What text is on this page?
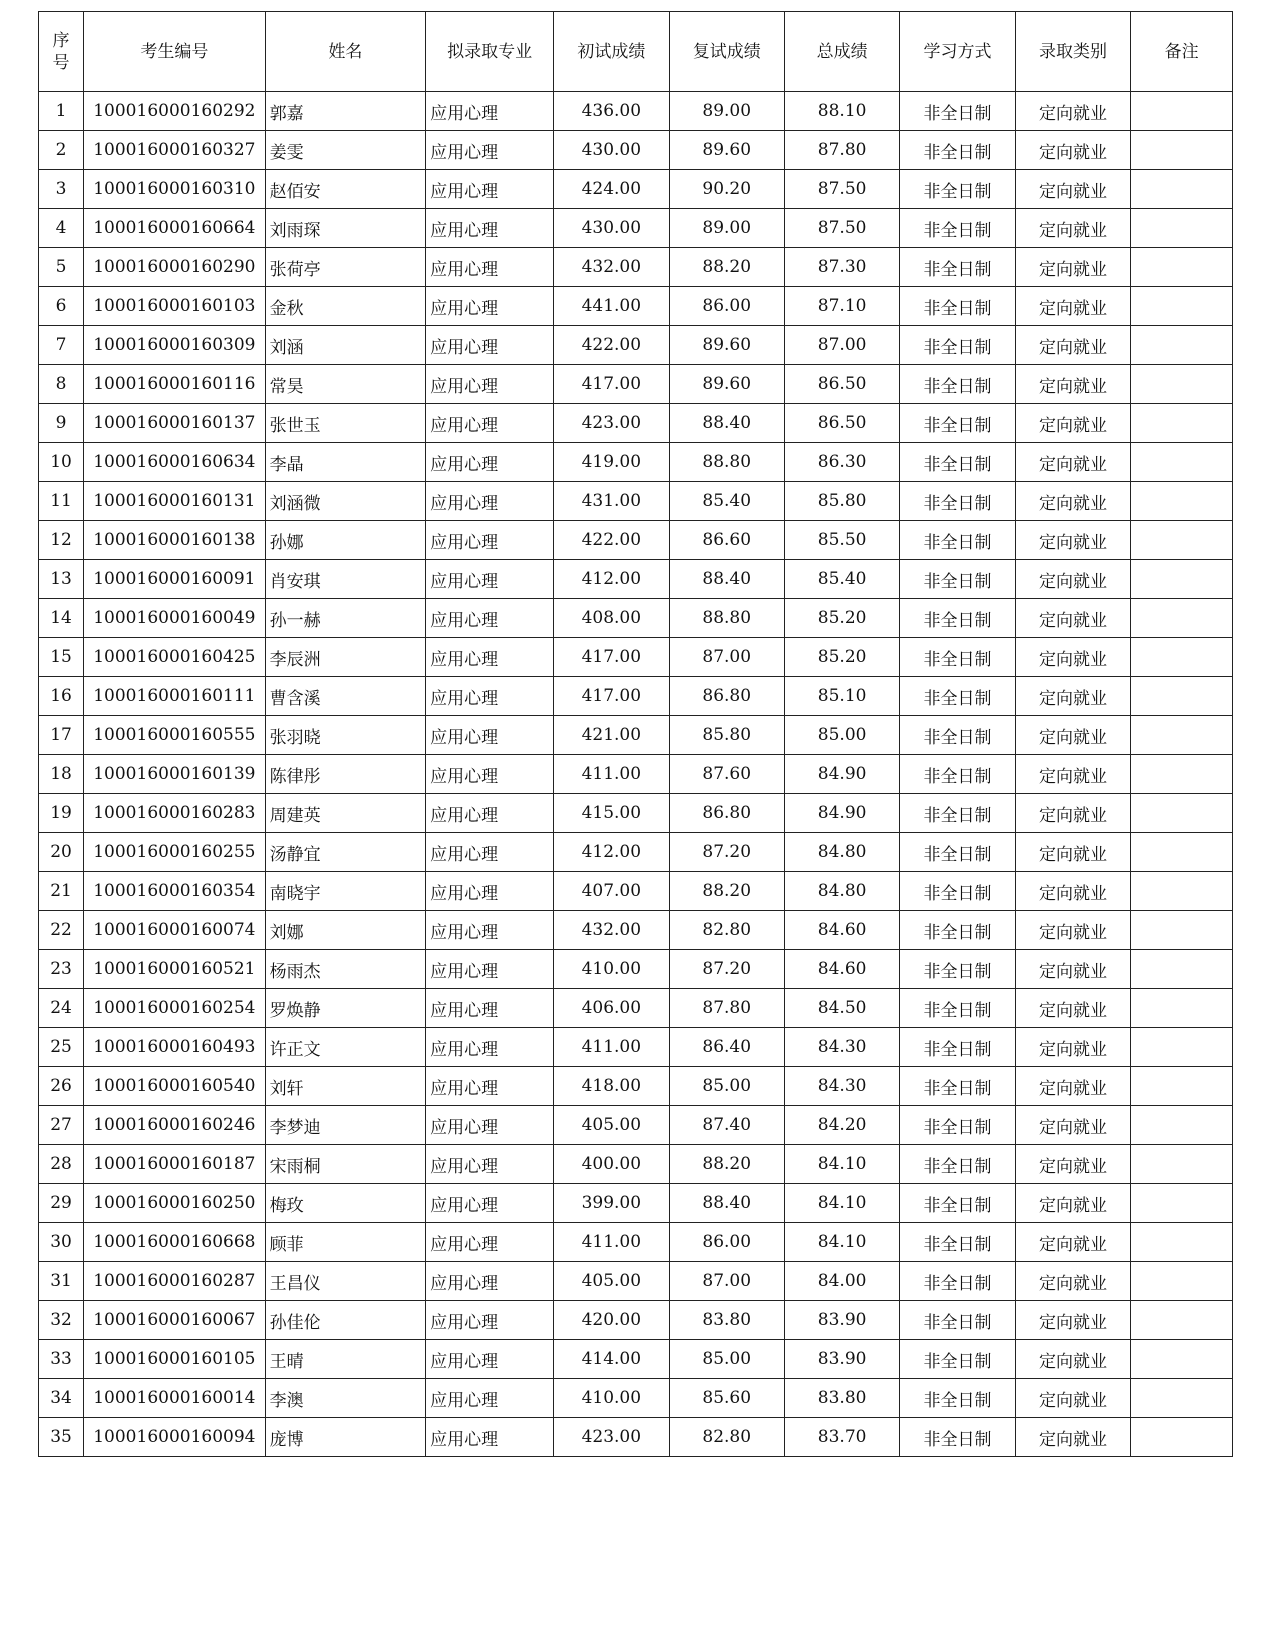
序
号	考生编号	姓名	拟录取专业	初试成绩	复试成绩	总成绩	学习方式	录取类别	备注
1	100016000160292	郭嘉	应用心理	436.00	89.00	88.10	非全日制	定向就业	
2	100016000160327	姜雯	应用心理	430.00	89.60	87.80	非全日制	定向就业	
3	100016000160310	赵佰安	应用心理	424.00	90.20	87.50	非全日制	定向就业	
4	100016000160664	刘雨琛	应用心理	430.00	89.00	87.50	非全日制	定向就业	
5	100016000160290	张荷亭	应用心理	432.00	88.20	87.30	非全日制	定向就业	
6	100016000160103	金秋	应用心理	441.00	86.00	87.10	非全日制	定向就业	
7	100016000160309	刘涵	应用心理	422.00	89.60	87.00	非全日制	定向就业	
8	100016000160116	常昊	应用心理	417.00	89.60	86.50	非全日制	定向就业	
9	100016000160137	张世玉	应用心理	423.00	88.40	86.50	非全日制	定向就业	
10	100016000160634	李晶	应用心理	419.00	88.80	86.30	非全日制	定向就业	
11	100016000160131	刘涵微	应用心理	431.00	85.40	85.80	非全日制	定向就业	
12	100016000160138	孙娜	应用心理	422.00	86.60	85.50	非全日制	定向就业	
13	100016000160091	肖安琪	应用心理	412.00	88.40	85.40	非全日制	定向就业	
14	100016000160049	孙一赫	应用心理	408.00	88.80	85.20	非全日制	定向就业	
15	100016000160425	李辰洲	应用心理	417.00	87.00	85.20	非全日制	定向就业	
16	100016000160111	曹含溪	应用心理	417.00	86.80	85.10	非全日制	定向就业	
17	100016000160555	张羽晓	应用心理	421.00	85.80	85.00	非全日制	定向就业	
18	100016000160139	陈律彤	应用心理	411.00	87.60	84.90	非全日制	定向就业	
19	100016000160283	周建英	应用心理	415.00	86.80	84.90	非全日制	定向就业	
20	100016000160255	汤静宜	应用心理	412.00	87.20	84.80	非全日制	定向就业	
21	100016000160354	南晓宇	应用心理	407.00	88.20	84.80	非全日制	定向就业	
22	100016000160074	刘娜	应用心理	432.00	82.80	84.60	非全日制	定向就业	
23	100016000160521	杨雨杰	应用心理	410.00	87.20	84.60	非全日制	定向就业	
24	100016000160254	罗焕静	应用心理	406.00	87.80	84.50	非全日制	定向就业	
25	100016000160493	许正文	应用心理	411.00	86.40	84.30	非全日制	定向就业	
26	100016000160540	刘轩	应用心理	418.00	85.00	84.30	非全日制	定向就业	
27	100016000160246	李梦迪	应用心理	405.00	87.40	84.20	非全日制	定向就业	
28	100016000160187	宋雨桐	应用心理	400.00	88.20	84.10	非全日制	定向就业	
29	100016000160250	梅玫	应用心理	399.00	88.40	84.10	非全日制	定向就业	
30	100016000160668	顾菲	应用心理	411.00	86.00	84.10	非全日制	定向就业	
31	100016000160287	王昌仪	应用心理	405.00	87.00	84.00	非全日制	定向就业	
32	100016000160067	孙佳伦	应用心理	420.00	83.80	83.90	非全日制	定向就业	
33	100016000160105	王晴	应用心理	414.00	85.00	83.90	非全日制	定向就业	
34	100016000160014	李澳	应用心理	410.00	85.60	83.80	非全日制	定向就业	
35	100016000160094	庞博	应用心理	423.00	82.80	83.70	非全日制	定向就业	
